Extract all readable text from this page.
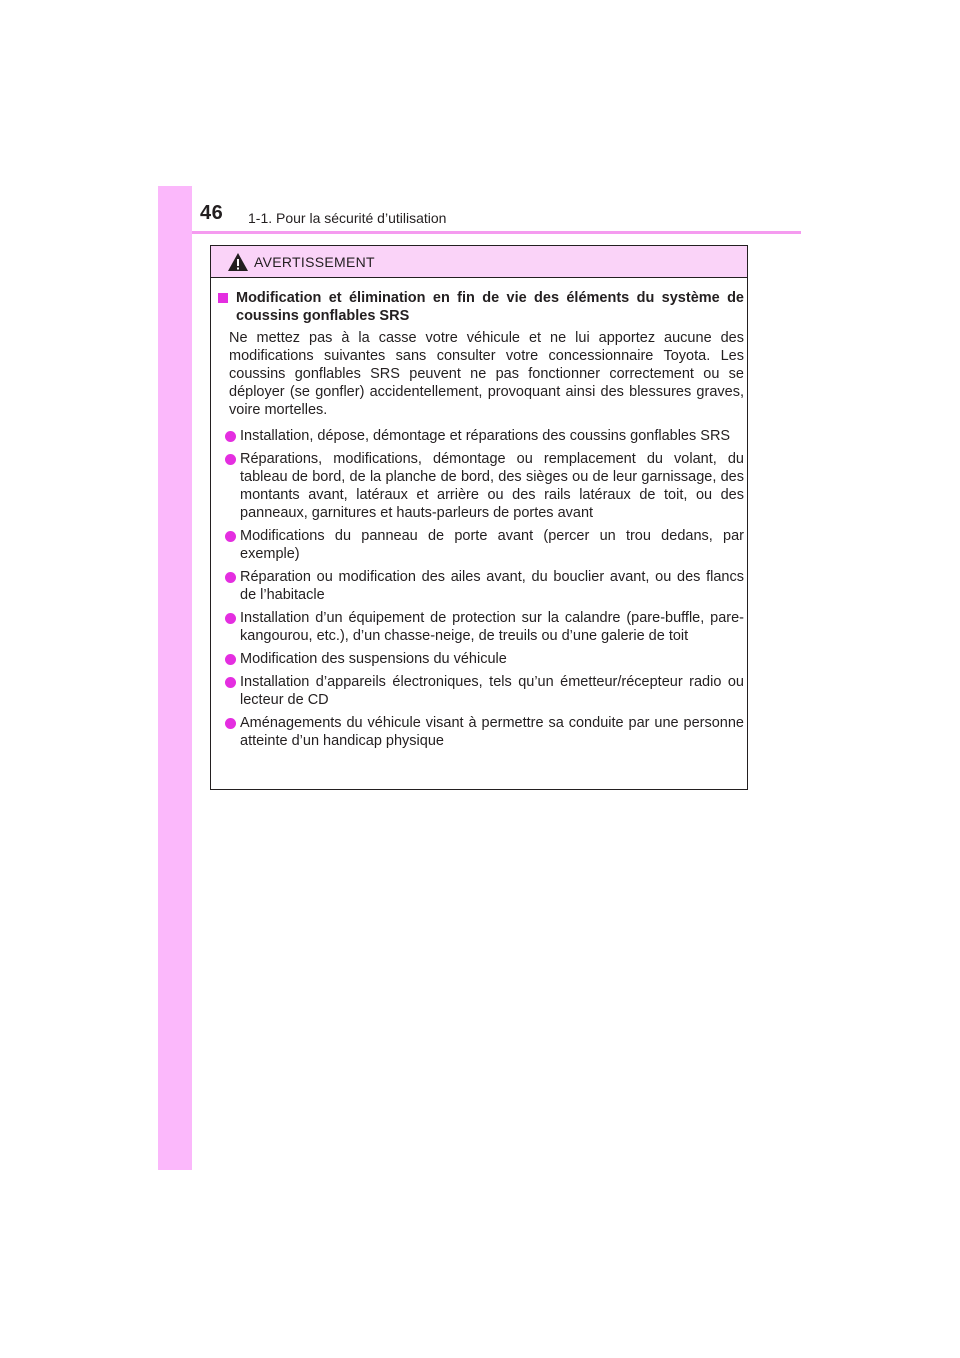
46 1-1. Pour la sécurité d’utilisation
AVERTISSEMENT
Modification et élimination en fin de vie des éléments du système de coussins gonflables SRS
Ne mettez pas à la casse votre véhicule et ne lui apportez aucune des modifications suivantes sans consulter votre concessionnaire Toyota. Les coussins gonflables SRS peuvent ne pas fonctionner correctement ou se déployer (se gonfler) accidentellement, provoquant ainsi des blessures graves, voire mortelles.
Installation, dépose, démontage et réparations des coussins gonflables SRS
Réparations, modifications, démontage ou remplacement du volant, du tableau de bord, de la planche de bord, des sièges ou de leur garnissage, des montants avant, latéraux et arrière ou des rails latéraux de toit, ou des panneaux, garnitures et hauts-parleurs de portes avant
Modifications du panneau de porte avant (percer un trou dedans, par exemple)
Réparation ou modification des ailes avant, du bouclier avant, ou des flancs de l’habitacle
Installation d’un équipement de protection sur la calandre (pare-buffle, pare-kangourou, etc.), d’un chasse-neige, de treuils ou d’une galerie de toit
Modification des suspensions du véhicule
Installation d’appareils électroniques, tels qu’un émetteur/récepteur radio ou lecteur de CD
Aménagements du véhicule visant à permettre sa conduite par une personne atteinte d’un handicap physique
